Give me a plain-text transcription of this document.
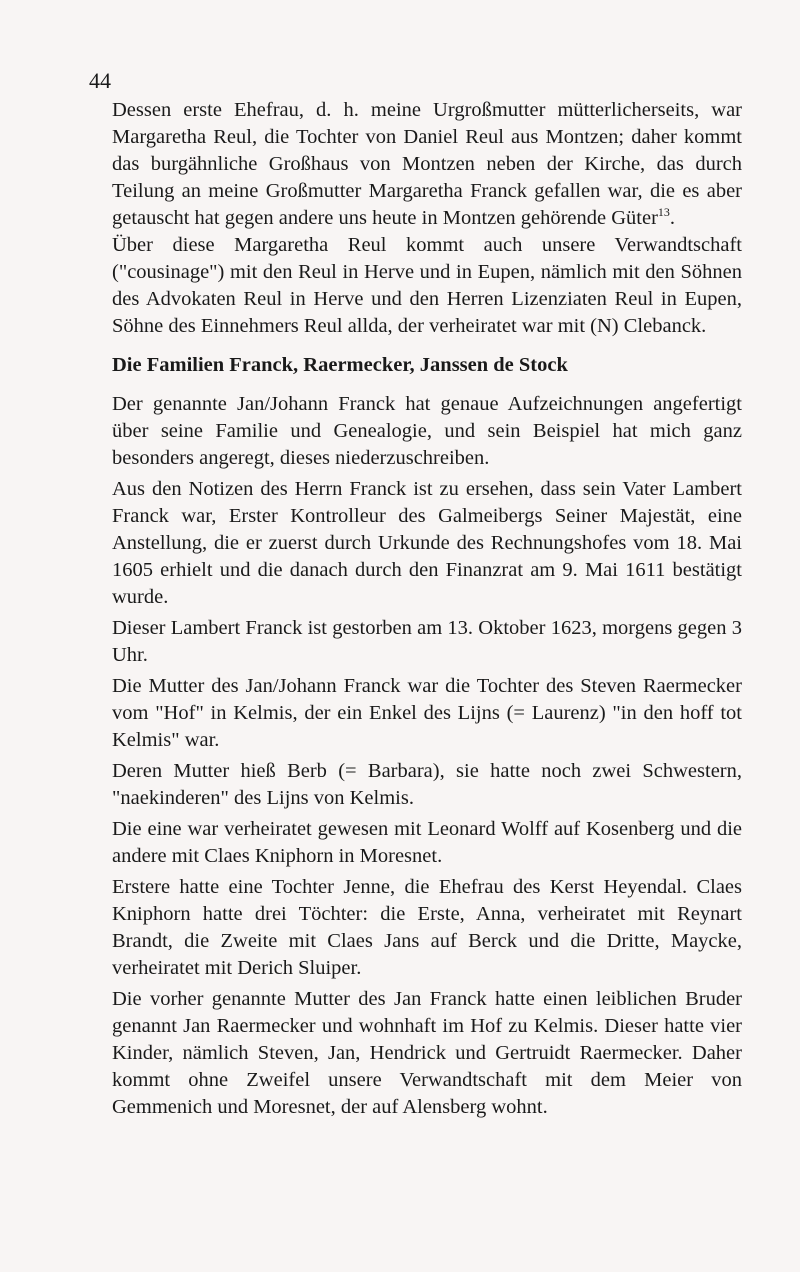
44

Dessen erste Ehefrau, d. h. meine Urgroßmutter mütterlicherseits, war Margaretha Reul, die Tochter von Daniel Reul aus Montzen; daher kommt das burgähnliche Großhaus von Montzen neben der Kirche, das durch Teilung an meine Großmutter Margaretha Franck gefallen war, die es aber getauscht hat gegen andere uns heute in Montzen gehörende Güter$^{13}$.

Über diese Margaretha Reul kommt auch unsere Verwandtschaft ("cousinage") mit den Reul in Herve und in Eupen, nämlich mit den Söhnen des Advokaten Reul in Herve und den Herren Lizenziaten Reul in Eupen, Söhne des Einnehmers Reul allda, der verheiratet war mit (N) Clebanck.

Die Familien Franck, Raermecker, Janssen de Stock

Der genannte Jan/Johann Franck hat genaue Aufzeichnungen angefertigt über seine Familie und Genealogie, und sein Beispiel hat mich ganz besonders angeregt, dieses niederzuschreiben.

Aus den Notizen des Herrn Franck ist zu ersehen, dass sein Vater Lambert Franck war, Erster Kontrolleur des Galmeibergs Seiner Majestät, eine Anstellung, die er zuerst durch Urkunde des Rechnungshofes vom 18. Mai 1605 erhielt und die danach durch den Finanzrat am 9. Mai 1611 bestätigt wurde.

Dieser Lambert Franck ist gestorben am 13. Oktober 1623, morgens gegen 3 Uhr.

Die Mutter des Jan/Johann Franck war die Tochter des Steven Raermecker vom "Hof" in Kelmis, der ein Enkel des Lijns (= Laurenz) "in den hoff tot Kelmis" war.

Deren Mutter hieß Berb (= Barbara), sie hatte noch zwei Schwestern, "naekinderen" des Lijns von Kelmis.

Die eine war verheiratet gewesen mit Leonard Wolff auf Kosenberg und die andere mit Claes Kniphorn in Moresnet.

Erstere hatte eine Tochter Jenne, die Ehefrau des Kerst Heyendal. Claes Kniphorn hatte drei Töchter: die Erste, Anna, verheiratet mit Reynart Brandt, die Zweite mit Claes Jans auf Berck und die Dritte, Maycke, verheiratet mit Derich Sluiper.

Die vorher genannte Mutter des Jan Franck hatte einen leiblichen Bruder genannt Jan Raermecker und wohnhaft im Hof zu Kelmis. Dieser hatte vier Kinder, nämlich Steven, Jan, Hendrick und Gertruidt Raermecker. Daher kommt ohne Zweifel unsere Verwandtschaft mit dem Meier von Gemmenich und Moresnet, der auf Alensberg wohnt.
